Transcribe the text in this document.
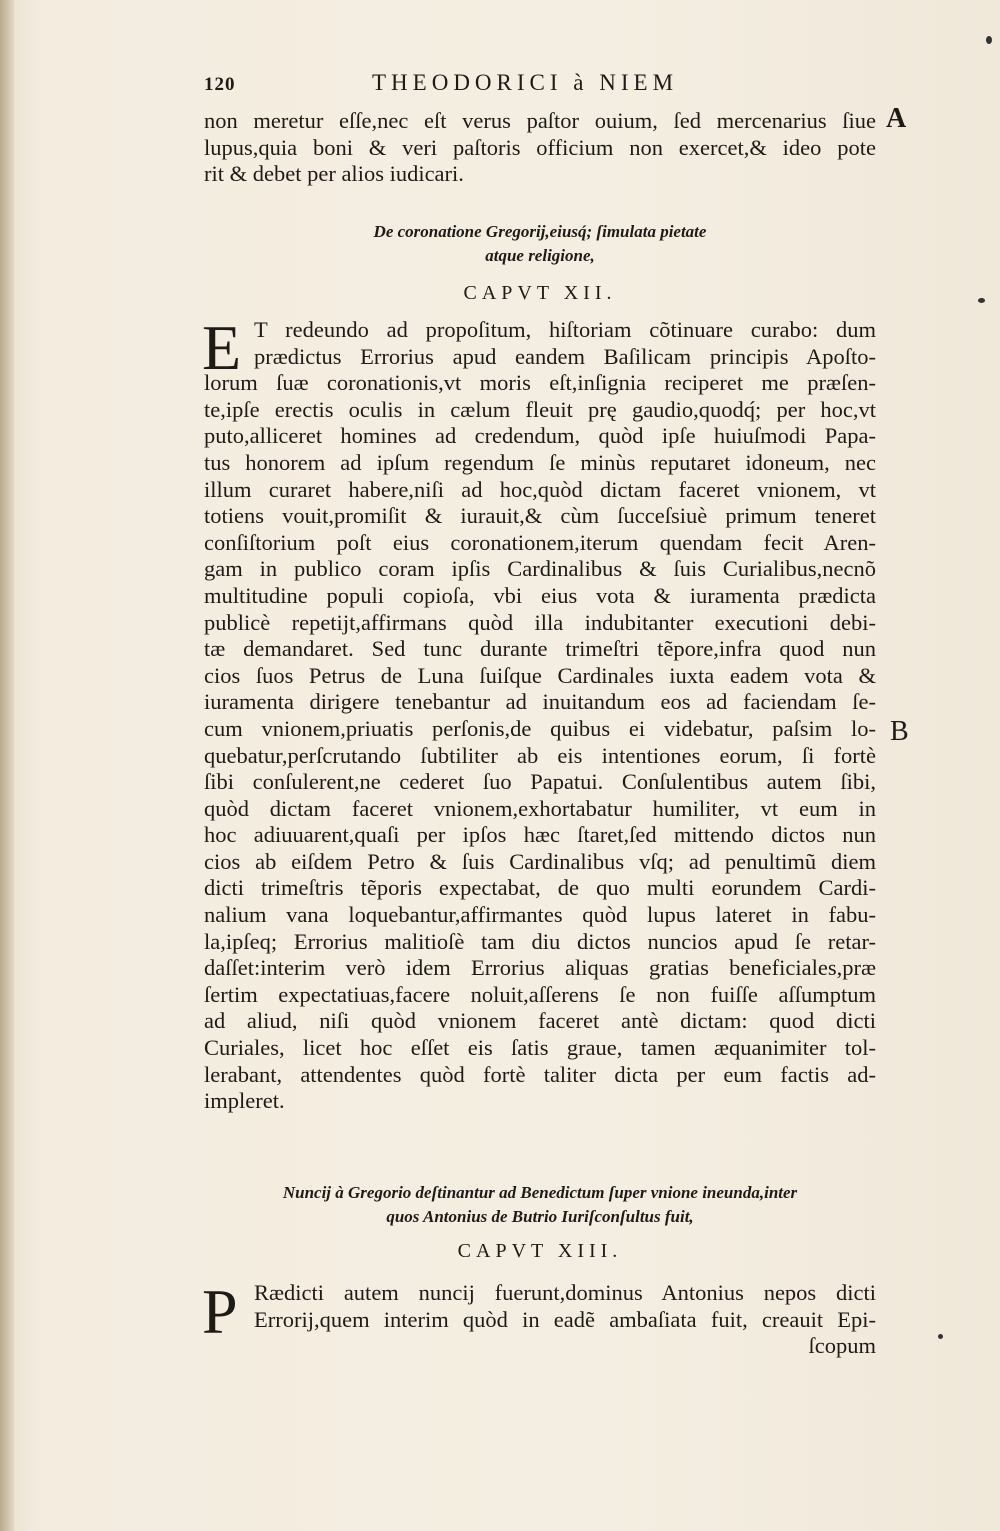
120	THEODORICI à NIEM
A
B
non meretur eſſe,nec eſt verus paſtor ouium, ſed mercenarius ſiue
lupus,quia boni & veri paſtoris officium non exercet,& ideo pote
rit & debet per alios iudicari.
De coronatione Gregorij,eiusq́; ſimulata pietate
atque religione,
CAPVT XII.
E T redeundo ad propoſitum, hiſtoriam cõtinuare curabo: dum
prædictus Errorius apud eandem Baſilicam principis Apoſto-
lorum ſuæ coronationis,vt moris eſt,inſignia reciperet me præſen-
te,ipſe erectis oculis in cælum fleuit prę gaudio,quodq́; per hoc,vt
puto,alliceret homines ad credendum, quòd ipſe huiuſmodi Papa-
tus honorem ad ipſum regendum ſe minùs reputaret idoneum, nec
illum curaret habere,niſi ad hoc,quòd dictam faceret vnionem, vt
totiens vouit,promiſit & iurauit,& cùm ſucceſsiuè primum teneret
conſiſtorium poſt eius coronationem,iterum quendam fecit Aren-
gam in publico coram ipſis Cardinalibus & ſuis Curialibus,necnõ
multitudine populi copioſa, vbi eius vota & iuramenta prædicta
publicè repetijt,affirmans quòd illa indubitanter executioni debi-
tæ demandaret. Sed tunc durante trimeſtri tẽpore,infra quod nun
cios ſuos Petrus de Luna ſuiſque Cardinales iuxta eadem vota &
iuramenta dirigere tenebantur ad inuitandum eos ad faciendam ſe-
cum vnionem,priuatis perſonis,de quibus ei videbatur, paſsim lo-
quebatur,perſcrutando ſubtiliter ab eis intentiones eorum, ſi fortè
ſibi conſulerent,ne cederet ſuo Papatui. Conſulentibus autem ſibi,
quòd dictam faceret vnionem,exhortabatur humiliter, vt eum in
hoc adiuuarent,quaſi per ipſos hæc ſtaret,ſed mittendo dictos nun
cios ab eiſdem Petro & ſuis Cardinalibus vſq; ad penultimũ diem
dicti trimeſtris tẽporis expectabat, de quo multi eorundem Cardi-
nalium vana loquebantur,affirmantes quòd lupus lateret in fabu-
la,ipſeq; Errorius malitioſè tam diu dictos nuncios apud ſe retar-
daſſet:interim verò idem Errorius aliquas gratias beneficiales,præ
ſertim expectatiuas,facere noluit,aſſerens ſe non fuiſſe aſſumptum
ad aliud, niſi quòd vnionem faceret antè dictam: quod dicti
Curiales, licet hoc eſſet eis ſatis graue, tamen æquanimiter tol-
lerabant, attendentes quòd fortè taliter dicta per eum factis ad-
impleret.
Nuncij à Gregorio deſtinantur ad Benedictum ſuper vnione ineunda,inter
quos Antonius de Butrio Iuriſconſultus fuit,
CAPVT XIII.
P Rædicti autem nuncij fuerunt,dominus Antonius nepos dicti
Errorij,quem interim quòd in eadẽ ambaſiata fuit, creauit Epi-
ſcopum
